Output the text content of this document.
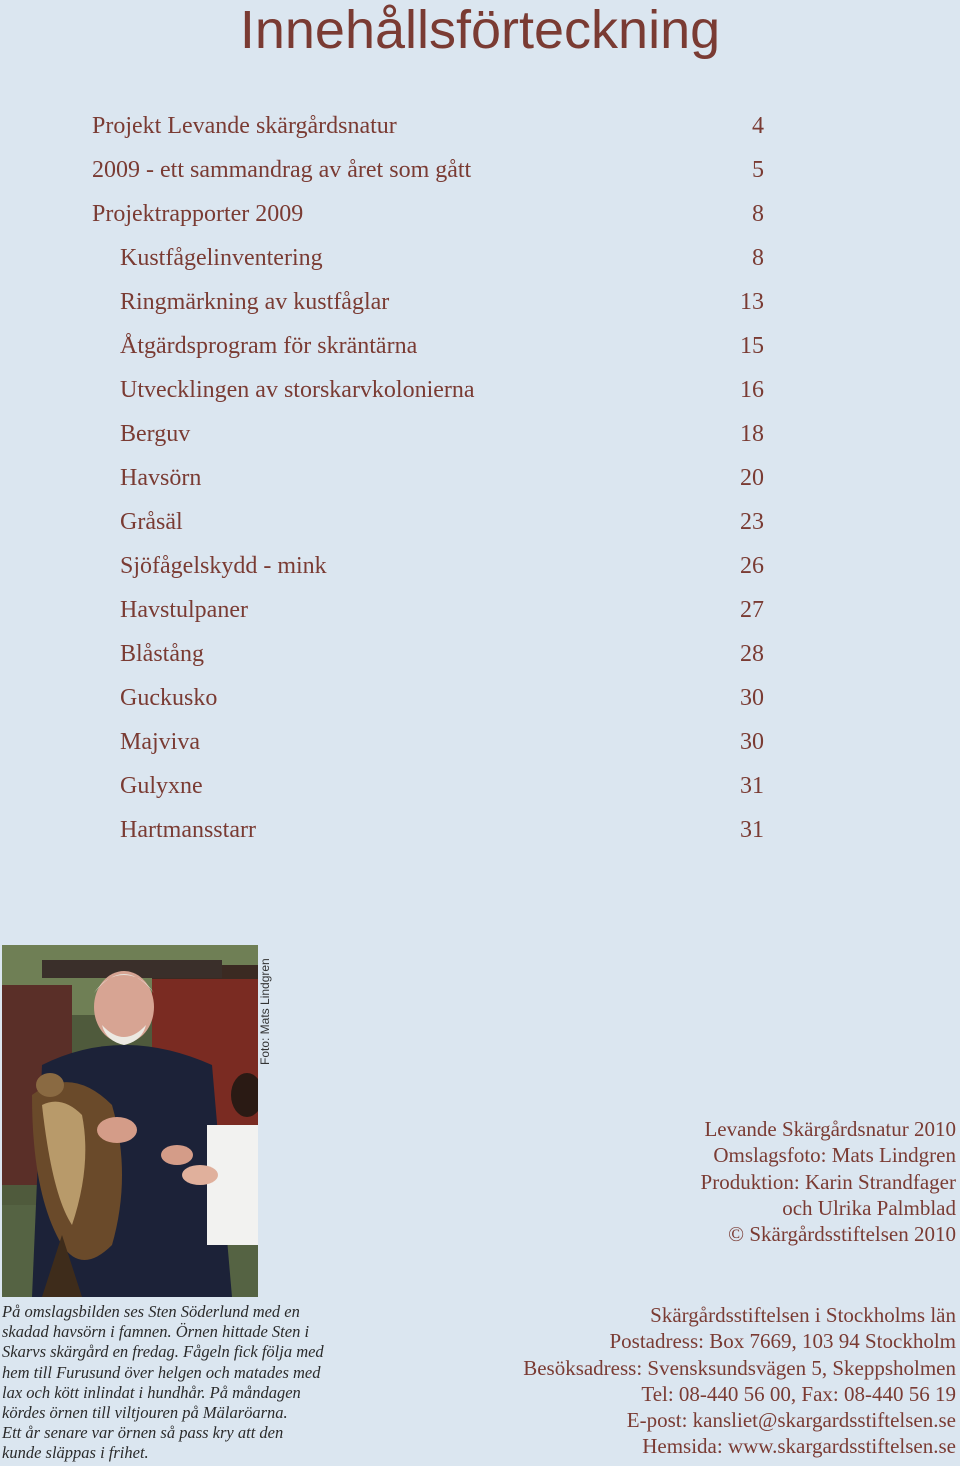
Innehållsförteckning
Projekt Levande skärgårdsnatur	4
2009 - ett sammandrag av året som gått	5
Projektrapporter 2009	8
Kustfågelinventering	8
Ringmärkning av kustfåglar	13
Åtgärdsprogram för skräntärna	15
Utvecklingen av storskarvkolonierna	16
Berguv	18
Havsörn	20
Gråsäl	23
Sjöfågelskydd - mink	26
Havstulpaner	27
Blåstång	28
Guckusko	30
Majviva	30
Gulyxne	31
Hartmansstarr	31
Foto: Mats Lindgren
Levande Skärgårdsnatur 2010
Omslagsfoto: Mats Lindgren
Produktion: Karin Strandfager
och Ulrika Palmblad
© Skärgårdsstiftelsen 2010
På omslagsbilden ses Sten Söderlund med en
skadad havsörn i famnen. Örnen hittade Sten i
Skarvs skärgård en fredag. Fågeln fick följa med
hem till Furusund över helgen och matades med
lax och kött inlindat i hundhår. På måndagen
kördes örnen till viltjouren på Mälaröarna.
Ett år senare var örnen så pass kry att den
kunde släppas i frihet.
Skärgårdsstiftelsen i Stockholms län
Postadress: Box 7669, 103 94 Stockholm
Besöksadress: Svensksundsvägen 5, Skeppsholmen
Tel: 08-440 56 00, Fax: 08-440 56 19
E-post: kansliet@skargardsstiftelsen.se
Hemsida: www.skargardsstiftelsen.se
